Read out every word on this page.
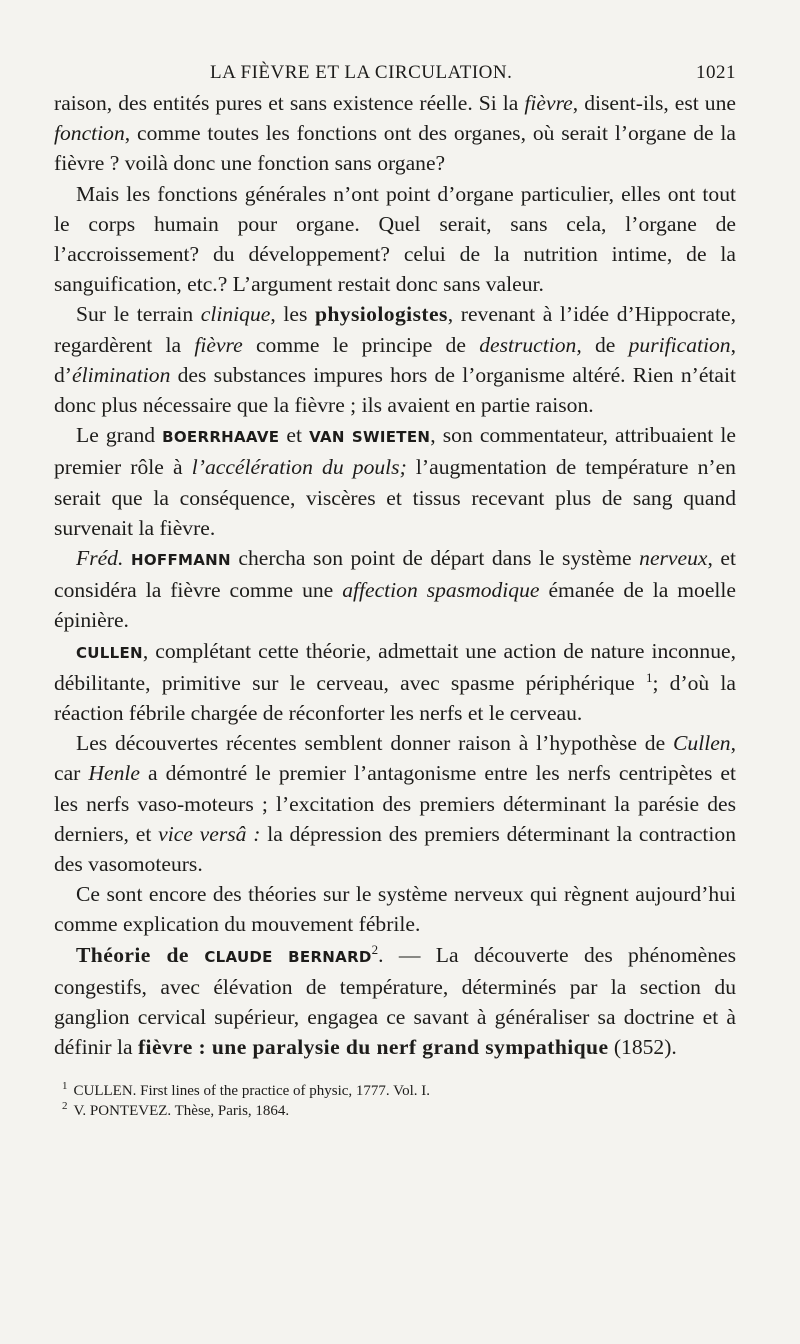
LA FIÈVRE ET LA CIRCULATION.	1021

raison, des entités pures et sans existence réelle. Si la fièvre, disent-ils, est une fonction, comme toutes les fonctions ont des organes, où serait l’organe de la fièvre ? voilà donc une fonction sans organe?

Mais les fonctions générales n’ont point d’organe particulier, elles ont tout le corps humain pour organe. Quel serait, sans cela, l’organe de l’accroissement? du développement? celui de la nutrition intime, de la sanguification, etc.? L’argument restait donc sans valeur.

Sur le terrain clinique, les physiologistes, revenant à l’idée d’Hippocrate, regardèrent la fièvre comme le principe de destruction, de purification, d’élimination des substances impures hors de l’organisme altéré. Rien n’était donc plus nécessaire que la fièvre ; ils avaient en partie raison.

Le grand BOERRHAAVE et VAN SWIETEN, son commentateur, attribuaient le premier rôle à l’accélération du pouls; l’augmentation de température n’en serait que la conséquence, viscères et tissus recevant plus de sang quand survenait la fièvre.

Fréd. HOFFMANN chercha son point de départ dans le système nerveux, et considéra la fièvre comme une affection spasmodique émanée de la moelle épinière.

CULLEN, complétant cette théorie, admettait une action de nature inconnue, débilitante, primitive sur le cerveau, avec spasme périphérique $^1$; d’où la réaction fébrile chargée de réconforter les nerfs et le cerveau.

Les découvertes récentes semblent donner raison à l’hypothèse de Cullen, car Henle a démontré le premier l’antagonisme entre les nerfs centripètes et les nerfs vaso-moteurs ; l’excitation des premiers déterminant la parésie des derniers, et vice versâ : la dépression des premiers déterminant la contraction des vasomoteurs.

Ce sont encore des théories sur le système nerveux qui règnent aujourd’hui comme explication du mouvement fébrile.

Théorie de CLAUDE BERNARD$^2$. — La découverte des phénomènes congestifs, avec élévation de température, déterminés par la section du ganglion cervical supérieur, engagea ce savant à généraliser sa doctrine et à définir la fièvre : une paralysie du nerf grand sympathique (1852).

$^1$ CULLEN. First lines of the practice of physic, 1777. Vol. I.
$^2$ V. PONTEVEZ. Thèse, Paris, 1864.
